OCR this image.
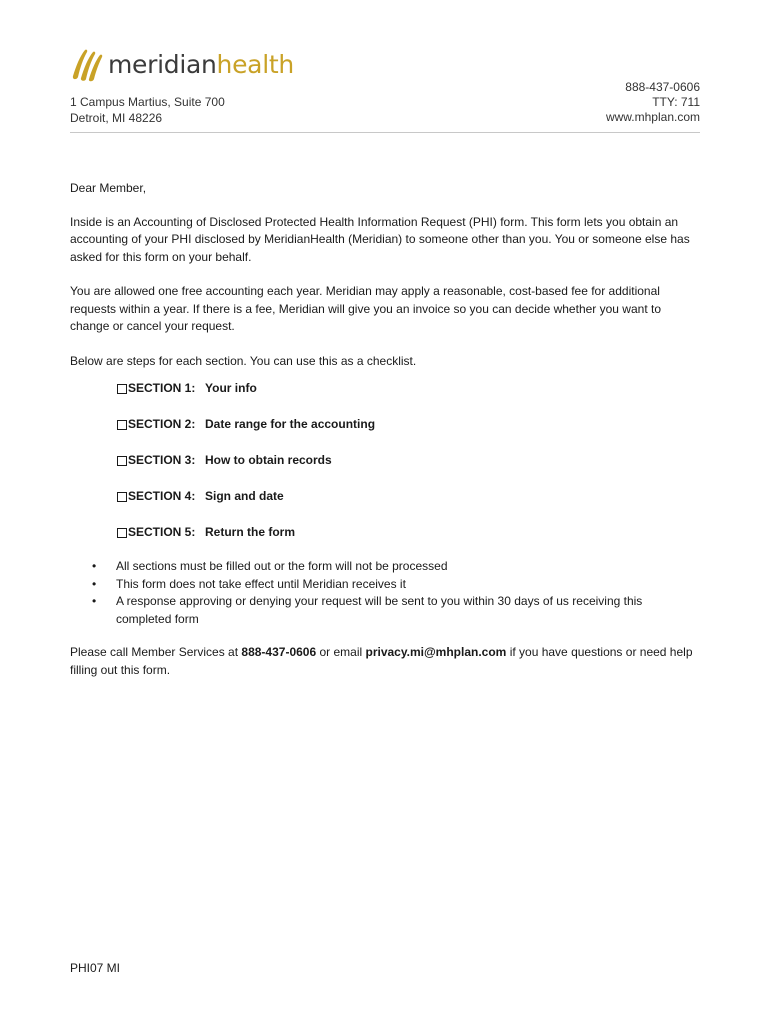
meridianhealth
1 Campus Martius, Suite 700
Detroit, MI 48226
888-437-0606
TTY: 711
www.mhplan.com

Dear Member,

Inside is an Accounting of Disclosed Protected Health Information Request (PHI) form. This form lets you obtain an accounting of your PHI disclosed by MeridianHealth (Meridian) to someone other than you. You or someone else has asked for this form on your behalf.

You are allowed one free accounting each year. Meridian may apply a reasonable, cost-based fee for additional requests within a year. If there is a fee, Meridian will give you an invoice so you can decide whether you want to change or cancel your request.

Below are steps for each section. You can use this as a checklist.

SECTION 1: Your info
SECTION 2: Date range for the accounting
SECTION 3: How to obtain records
SECTION 4: Sign and date
SECTION 5: Return the form
• All sections must be filled out or the form will not be processed
• This form does not take effect until Meridian receives it
• A response approving or denying your request will be sent to you within 30 days of us receiving this completed form

Please call Member Services at 888-437-0606 or email privacy.mi@mhplan.com if you have questions or need help filling out this form.

PHI07 MI
